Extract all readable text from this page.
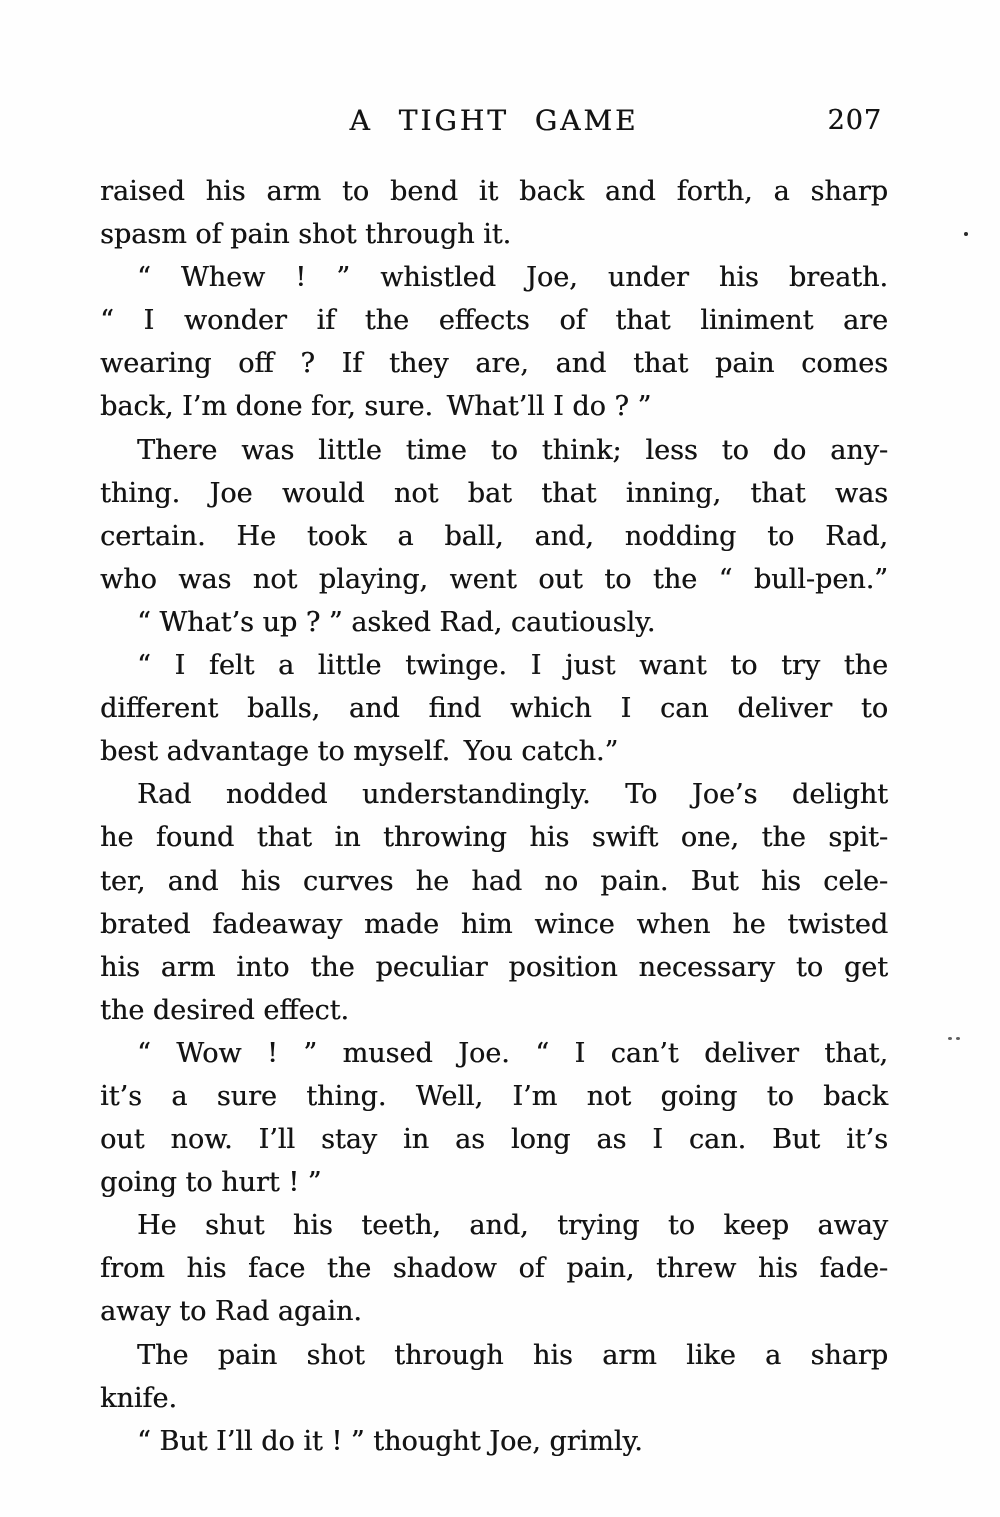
A TIGHT GAME	207
raised his arm to bend it back and forth, a sharp
spasm of pain shot through it.
“ Whew ! ” whistled Joe, under his breath.
“ I wonder if the effects of that liniment are
wearing off ? If they are, and that pain comes
back, I’m done for, sure. What’ll I do ? ”
There was little time to think; less to do any-
thing. Joe would not bat that inning, that was
certain. He took a ball, and, nodding to Rad,
who was not playing, went out to the “ bull-pen.”
“ What’s up ? ” asked Rad, cautiously.
“ I felt a little twinge. I just want to try the
different balls, and find which I can deliver to
best advantage to myself. You catch.”
Rad nodded understandingly. To Joe’s delight
he found that in throwing his swift one, the spit-
ter, and his curves he had no pain. But his cele-
brated fadeaway made him wince when he twisted
his arm into the peculiar position necessary to get
the desired effect.
“ Wow ! ” mused Joe. “ I can’t deliver that,
it’s a sure thing. Well, I’m not going to back
out now. I’ll stay in as long as I can. But it’s
going to hurt ! ”
He shut his teeth, and, trying to keep away
from his face the shadow of pain, threw his fade-
away to Rad again.
The pain shot through his arm like a sharp
knife.
“ But I’ll do it ! ” thought Joe, grimly.
